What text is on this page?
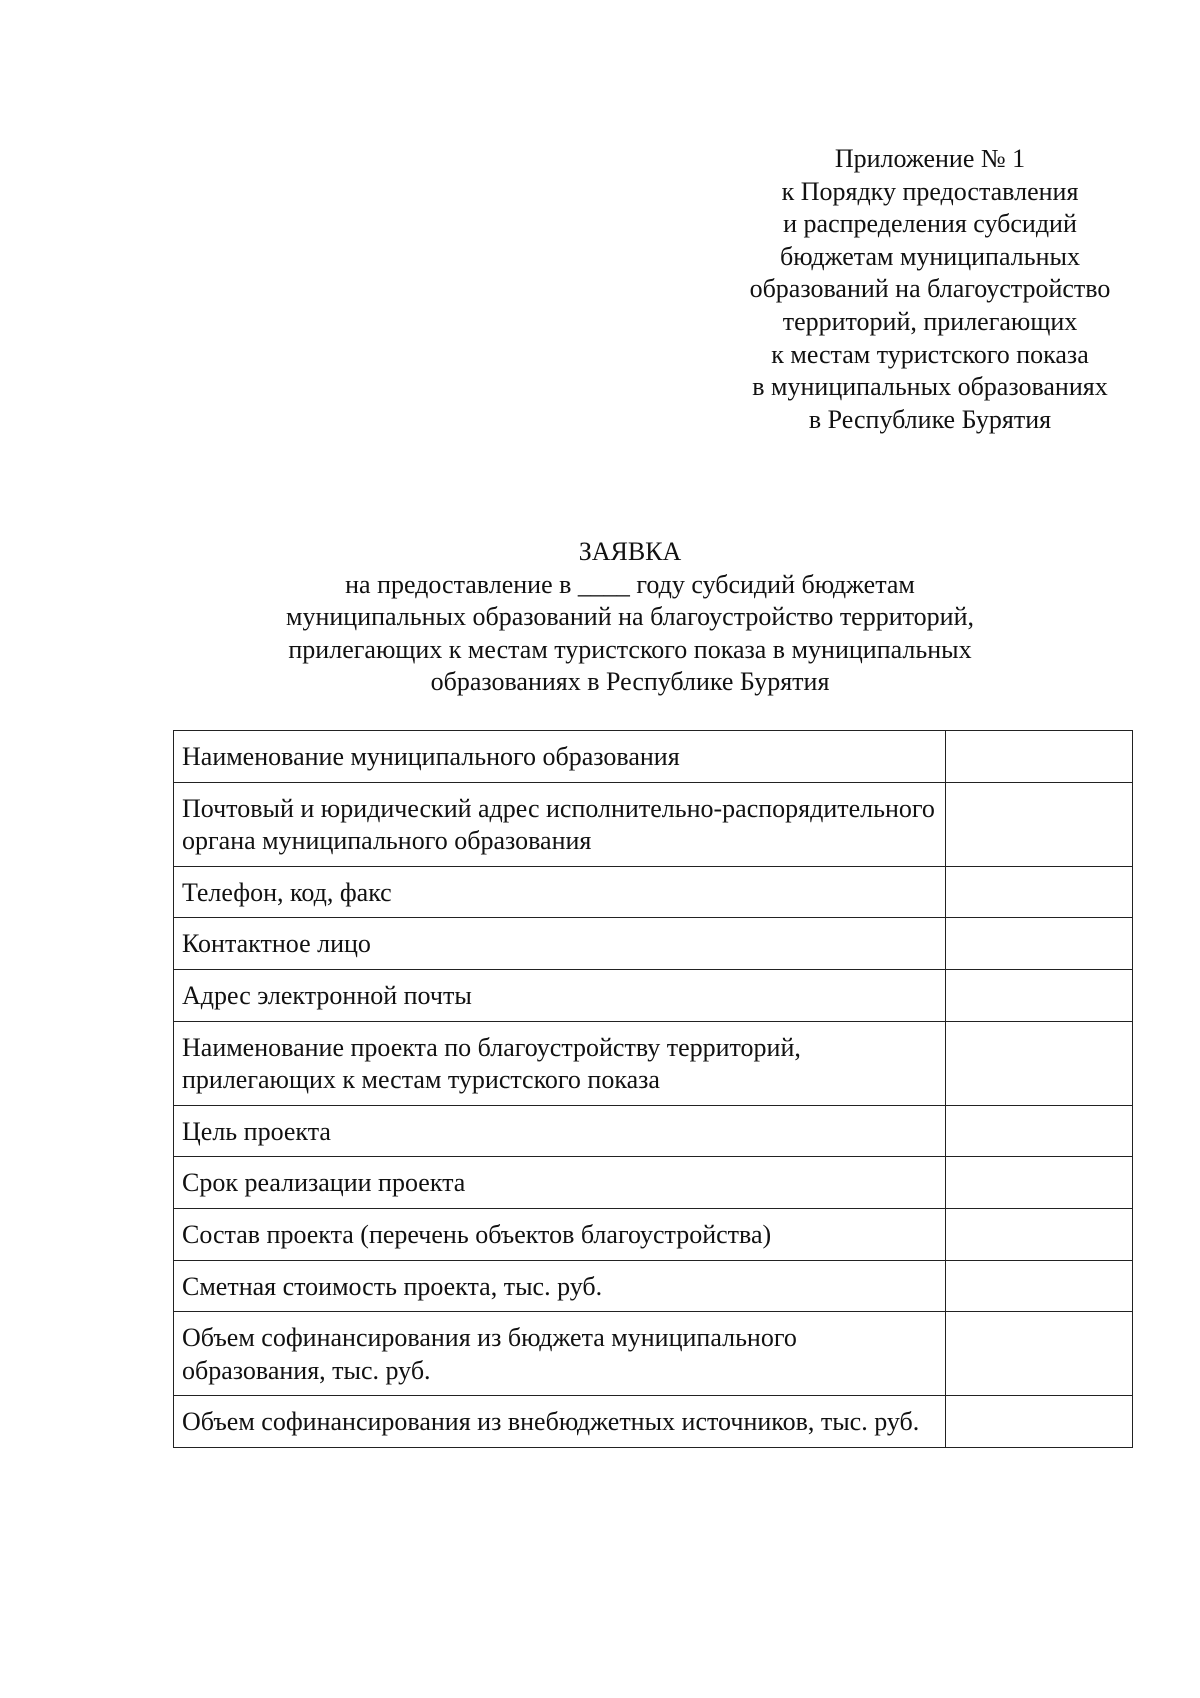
Приложение № 1
к Порядку предоставления
и распределения субсидий
бюджетам муниципальных
образований на благоустройство
территорий, прилегающих
к местам туристского показа
в муниципальных образованиях
в Республике Бурятия
ЗАЯВКА
на предоставление в ____ году субсидий бюджетам
муниципальных образований на благоустройство территорий,
прилегающих к местам туристского показа в муниципальных
образованиях в Республике Бурятия
Наименование муниципального образования	
Почтовый и юридический адрес исполнительно-распорядительного органа муниципального образования	
Телефон, код, факс	
Контактное лицо	
Адрес электронной почты	
Наименование проекта по благоустройству территорий, прилегающих к местам туристского показа	
Цель проекта	
Срок реализации проекта	
Состав проекта (перечень объектов благоустройства)	
Сметная стоимость проекта, тыс. руб.	
Объем софинансирования из бюджета муниципального образования, тыс. руб.	
Объем софинансирования из внебюджетных источников, тыс. руб.	
